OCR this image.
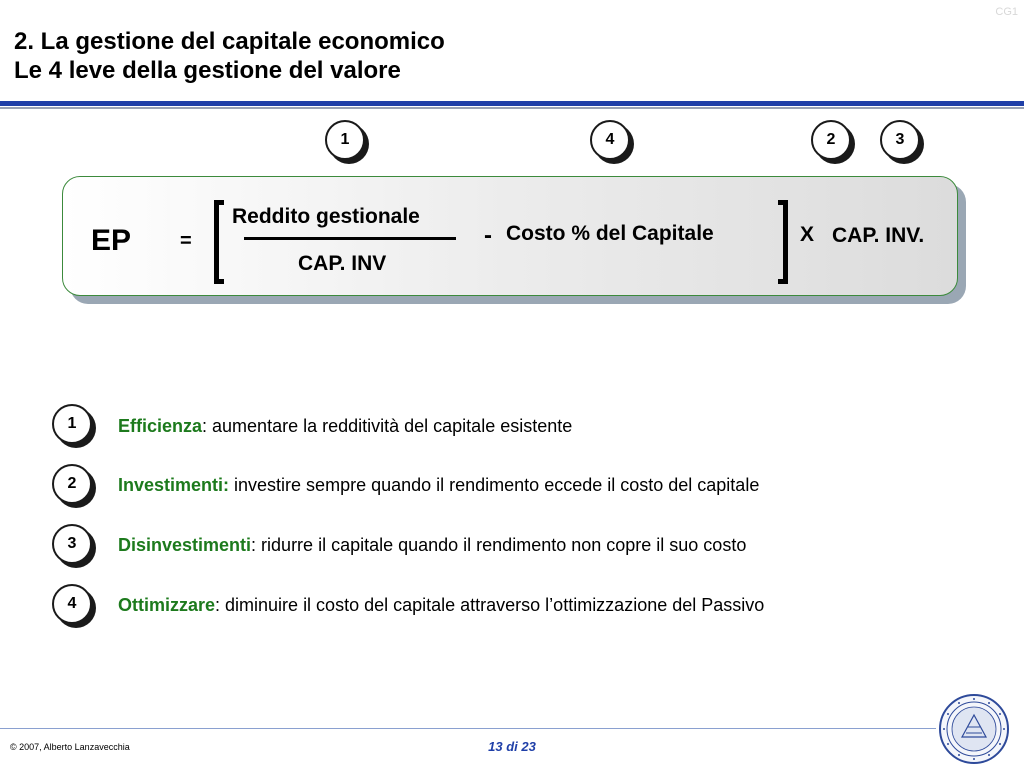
CG1
2. La gestione del capitale economico
Le 4 leve della gestione del valore
1	4	2	3
EP =
Reddito gestionale
CAP. INV
- Costo % del Capitale	X CAP. INV.
1	Efficienza: aumentare la redditività del capitale esistente
2	Investimenti: investire sempre quando il rendimento eccede il costo del capitale
3	Disinvestimenti: ridurre il capitale quando il rendimento non copre il suo costo
4	Ottimizzare: diminuire il costo del capitale attraverso l’ottimizzazione del Passivo
© 2007, Alberto Lanzavecchia	13 di 23
